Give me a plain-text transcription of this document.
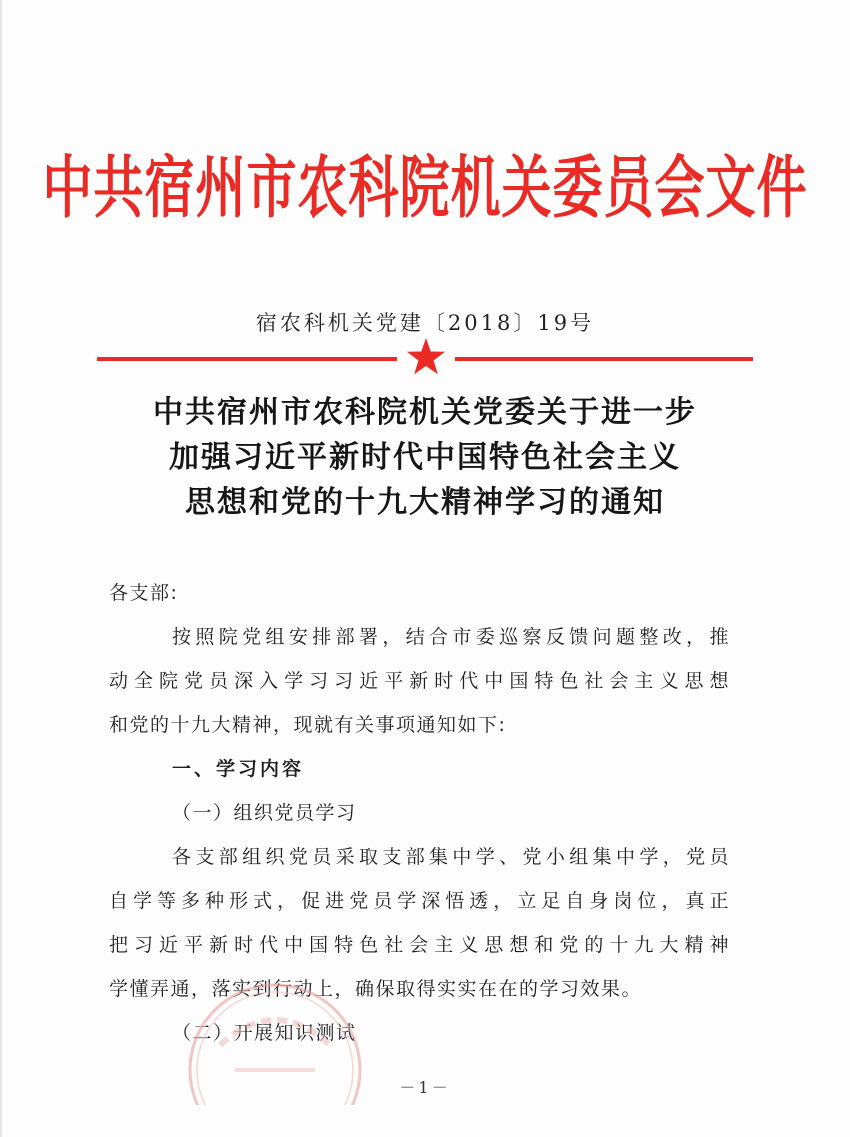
中共宿州市农科院机关委员会文件
宿农科机关党建〔2018〕19号
中共宿州市农科院机关党委关于进一步
加强习近平新时代中国特色社会主义
思想和党的十九大精神学习的通知
各支部:
按照院党组安排部署，结合市委巡察反馈问题整改，推
动全院党员深入学习习近平新时代中国特色社会主义思想
和党的十九大精神，现就有关事项通知如下:
一、学习内容
（一）组织党员学习
各支部组织党员采取支部集中学、党小组集中学，党员
自学等多种形式，促进党员学深悟透，立足自身岗位，真正
把习近平新时代中国特色社会主义思想和党的十九大精神
学懂弄通，落实到行动上，确保取得实实在在的学习效果。
（二）开展知识测试
－1－
